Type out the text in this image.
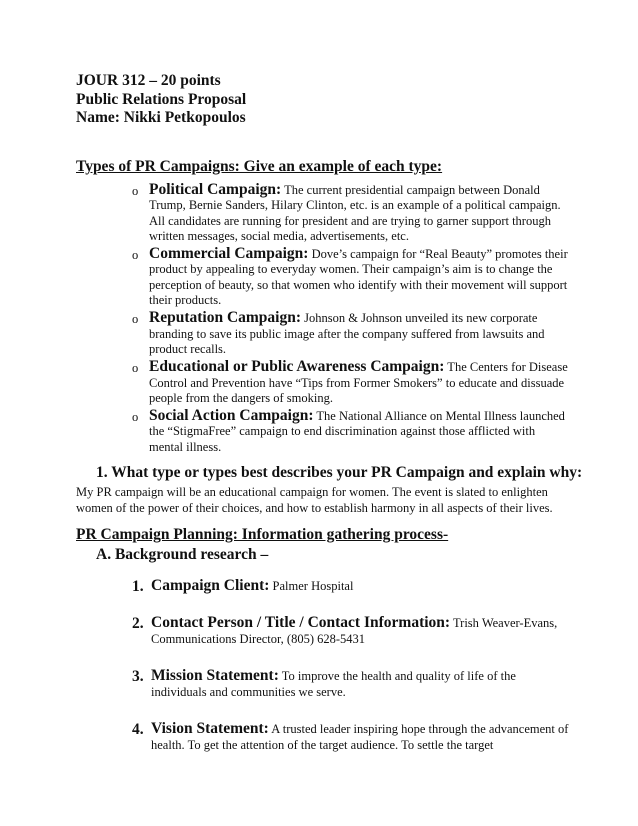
JOUR 312 – 20 points
Public Relations Proposal
Name: Nikki Petkopoulos
Types of PR Campaigns: Give an example of each type:
o Political Campaign: The current presidential campaign between Donald Trump, Bernie Sanders, Hilary Clinton, etc. is an example of a political campaign. All candidates are running for president and are trying to garner support through written messages, social media, advertisements, etc.
o Commercial Campaign: Dove’s campaign for “Real Beauty” promotes their product by appealing to everyday women. Their campaign’s aim is to change the perception of beauty, so that women who identify with their movement will support their products.
o Reputation Campaign: Johnson & Johnson unveiled its new corporate branding to save its public image after the company suffered from lawsuits and product recalls.
o Educational or Public Awareness Campaign: The Centers for Disease Control and Prevention have “Tips from Former Smokers” to educate and dissuade people from the dangers of smoking.
o Social Action Campaign: The National Alliance on Mental Illness launched the “StigmaFree” campaign to end discrimination against those afflicted with mental illness.
1. What type or types best describes your PR Campaign and explain why:
My PR campaign will be an educational campaign for women. The event is slated to enlighten women of the power of their choices, and how to establish harmony in all aspects of their lives.
PR Campaign Planning: Information gathering process-
A. Background research –
1. Campaign Client: Palmer Hospital
2. Contact Person / Title / Contact Information: Trish Weaver-Evans, Communications Director, (805) 628-5431
3. Mission Statement: To improve the health and quality of life of the individuals and communities we serve.
4. Vision Statement: A trusted leader inspiring hope through the advancement of health. To get the attention of the target audience. To settle the target
